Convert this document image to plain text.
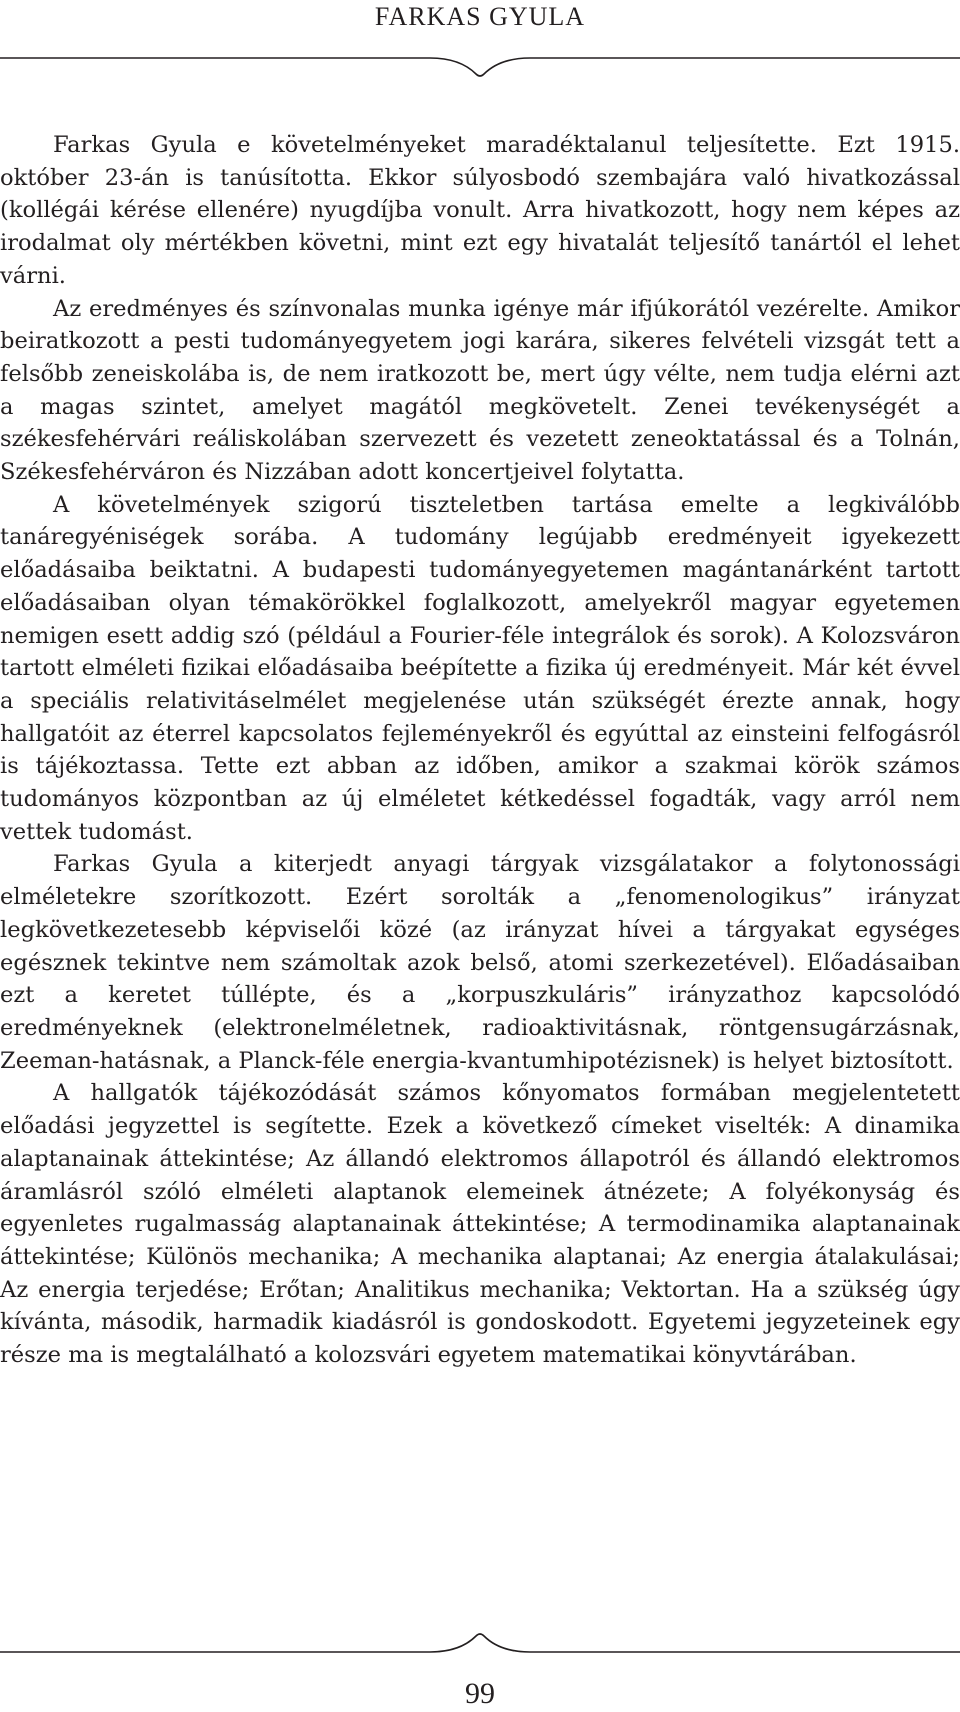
FARKAS GYULA

Farkas Gyula e követelményeket maradéktalanul teljesítette. Ezt 1915. október 23-án is tanúsította. Ekkor súlyosbodó szembajára való hivatkozással (kollégái kérése ellenére) nyugdíjba vonult. Arra hivatkozott, hogy nem képes az irodalmat oly mértékben követni, mint ezt egy hivatalát teljesítő tanártól el lehet várni.

Az eredményes és színvonalas munka igénye már ifjúkorától vezérelte. Amikor beiratkozott a pesti tudományegyetem jogi karára, sikeres felvételi vizsgát tett a felsőbb zeneiskolába is, de nem iratkozott be, mert úgy vélte, nem tudja elérni azt a magas szintet, amelyet magától megkövetelt. Zenei tevékenységét a székesfehérvári reáliskolában szervezett és vezetett zeneoktatással és a Tolnán, Székesfehérváron és Nizzában adott koncertjeivel folytatta.

A követelmények szigorú tiszteletben tartása emelte a legkiválóbb tanáregyéniségek sorába. A tudomány legújabb eredményeit igyekezett előadásaiba beiktatni. A budapesti tudományegyetemen magántanárként tartott előadásaiban olyan témakörökkel foglalkozott, amelyekről magyar egyetemen nemigen esett addig szó (például a Fourier-féle integrálok és sorok). A Kolozsváron tartott elméleti fizikai előadásaiba beépítette a fizika új eredményeit. Már két évvel a speciális relativitáselmélet megjelenése után szükségét érezte annak, hogy hallgatóit az éterrel kapcsolatos fejleményekről és egyúttal az einsteini felfogásról is tájékoztassa. Tette ezt abban az időben, amikor a szakmai körök számos tudományos központban az új elméletet kétkedéssel fogadták, vagy arról nem vettek tudomást.

Farkas Gyula a kiterjedt anyagi tárgyak vizsgálatakor a folytonossági elméletekre szorítkozott. Ezért sorolták a „fenomenologikus” irányzat legkövetkezetesebb képviselői közé (az irányzat hívei a tárgyakat egységes egésznek tekintve nem számoltak azok belső, atomi szerkezetével). Előadásaiban ezt a keretet túllépte, és a „korpuszkuláris” irányzathoz kapcsolódó eredményeknek (elektronelméletnek, radioaktivitásnak, röntgensugárzásnak, Zeeman-hatásnak, a Planck-féle energia-kvantumhipotézisnek) is helyet biztosított.

A hallgatók tájékozódását számos kőnyomatos formában megjelentetett előadási jegyzettel is segítette. Ezek a következő címeket viselték: A dinamika alaptanainak áttekintése; Az állandó elektromos állapotról és állandó elektromos áramlásról szóló elméleti alaptanok elemeinek átnézete; A folyékonyság és egyenletes rugalmasság alaptanainak áttekintése; A termodinamika alaptanainak áttekintése; Különös mechanika; A mechanika alaptanai; Az energia átalakulásai; Az energia terjedése; Erőtan; Analitikus mechanika; Vektortan. Ha a szükség úgy kívánta, második, harmadik kiadásról is gondoskodott. Egyetemi jegyzeteinek egy része ma is megtalálható a kolozsvári egyetem matematikai könyvtárában.

99
